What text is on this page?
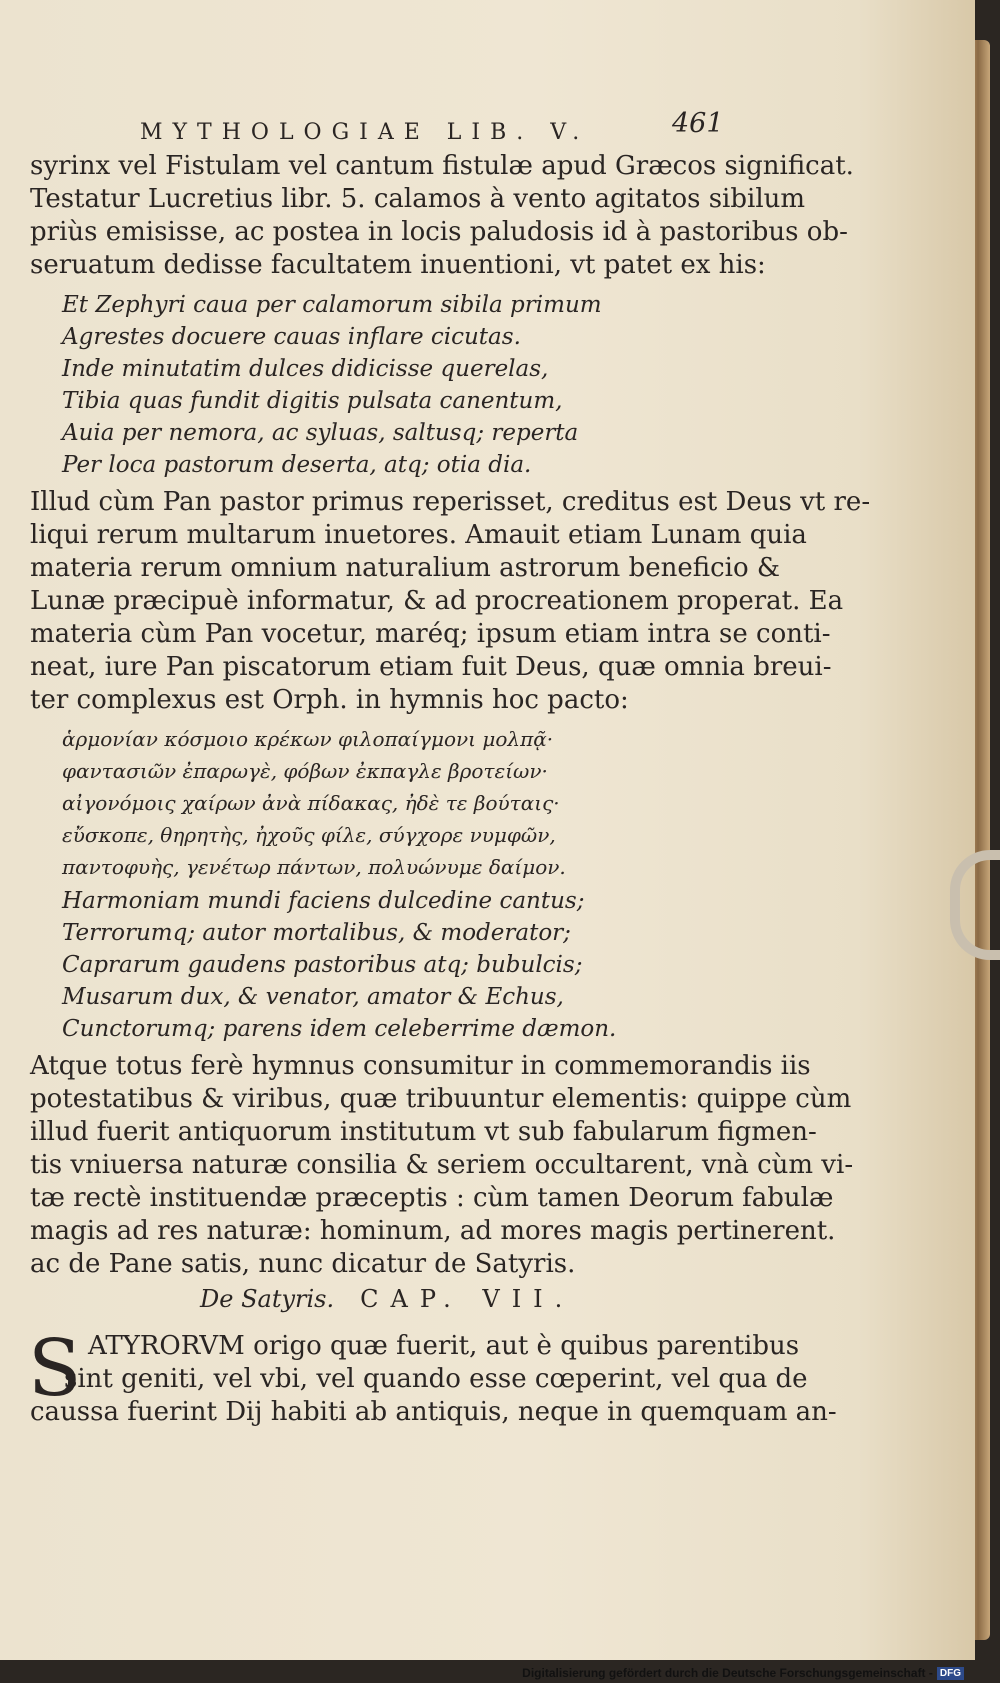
MYTHOLOGIAE LIB. V.	461
syrinx vel Fistulam vel cantum fistulæ apud Græcos significat.
Testatur Lucretius libr. 5. calamos à vento agitatos sibilum
priùs emisisse, ac postea in locis paludosis id à pastoribus ob-
seruatum dedisse facultatem inuentioni, vt patet ex his:
Et Zephyri caua per calamorum sibila primum
Agrestes docuere cauas inflare cicutas.
Inde minutatim dulces didicisse querelas,
Tibia quas fundit digitis pulsata canentum,
Auia per nemora, ac syluas, saltusq; reperta
Per loca pastorum deserta, atq; otia dia.
Illud cùm Pan pastor primus reperisset, creditus est Deus vt re-
liqui rerum multarum inuetores. Amauit etiam Lunam quia
materia rerum omnium naturalium astrorum beneficio &
Lunæ præcipuè informatur, & ad procreationem properat. Ea
materia cùm Pan vocetur, maréq; ipsum etiam intra se conti-
neat, iure Pan piscatorum etiam fuit Deus, quæ omnia breui-
ter complexus est Orph. in hymnis hoc pacto:
ἁρμονίαν κόσμοιο κρέκων φιλοπαίγμονι μολπᾷ·
φαντασιῶν ἐπαρωγὲ, φόβων ἐκπαγλε βροτείων·
αἰγονόμοις χαίρων ἀνὰ πίδακας, ἠδὲ τε βούταις·
εὔσκοπε, θηρητὴς, ἠχοῦς φίλε, σύγχορε νυμφῶν,
παντοφυὴς, γενέτωρ πάντων, πολυώνυμε δαίμον.
Harmoniam mundi faciens dulcedine cantus;
Terrorumq; autor mortalibus, & moderator;
Caprarum gaudens pastoribus atq; bubulcis;
Musarum dux, & venator, amator & Echus,
Cunctorumq; parens idem celeberrime dæmon.
Atque totus ferè hymnus consumitur in commemorandis iis
potestatibus & viribus, quæ tribuuntur elementis: quippe cùm
illud fuerit antiquorum institutum vt sub fabularum figmen-
tis vniuersa naturæ consilia & seriem occultarent, vnà cùm vi-
tæ rectè instituendæ præceptis : cùm tamen Deorum fabulæ
magis ad res naturæ: hominum, ad mores magis pertinerent.
ac de Pane satis, nunc dicatur de Satyris.
De Satyris. CAP. VII.
S ATYRORVM origo quæ fuerit, aut è quibus parentibus
sint geniti, vel vbi, vel quando esse cœperint, vel qua de
caussa fuerint Dij habiti ab antiquis, neque in quemquam an-
Digitalisierung gefördert durch die Deutsche Forschungsgemeinschaft - DFG
